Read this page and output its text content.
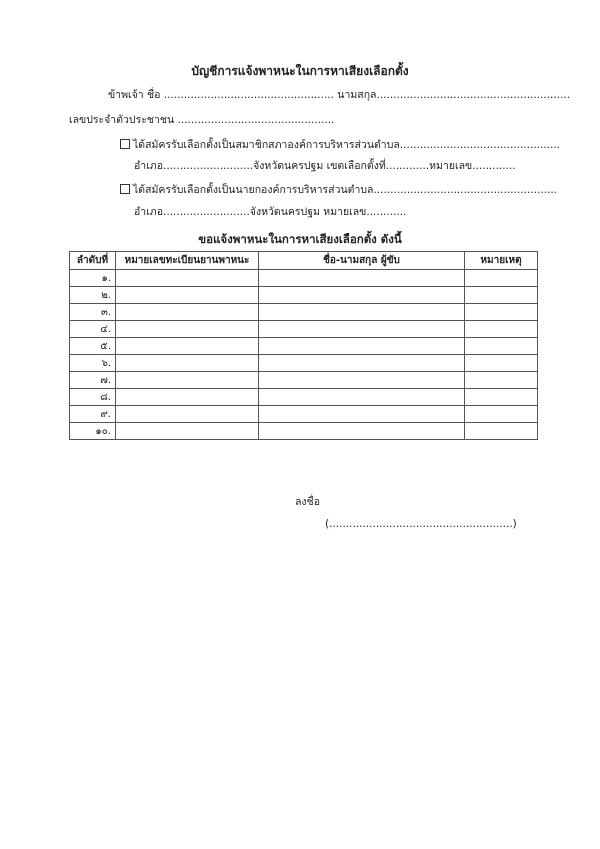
บัญชีการแจ้งพาหนะในการหาเสียงเลือกตั้ง
ข้าพเจ้า ชื่อ ................................................... นามสกุล..........................................................
เลขประจำตัวประชาชน ...............................................
ได้สมัครรับเลือกตั้งเป็นสมาชิกสภาองค์การบริหารส่วนตำบล................................................
อำเภอ...........................จังหวัดนครปฐม เขตเลือกตั้งที่.............หมายเลข.............
ได้สมัครรับเลือกตั้งเป็นนายกองค์การบริหารส่วนตำบล.......................................................
อำเภอ..........................จังหวัดนครปฐม หมายเลข............
ขอแจ้งพาหนะในการหาเสียงเลือกตั้ง ดังนี้
ลำดับที่	หมายเลขทะเบียนยานพาหนะ	ชื่อ-นามสกุล ผู้ขับ	หมายเหตุ
๑.			
๒.			
๓.			
๔.			
๕.			
๖.			
๗.			
๘.			
๙.			
๑๐.			
ลงชื่อ
(.......................................................)
